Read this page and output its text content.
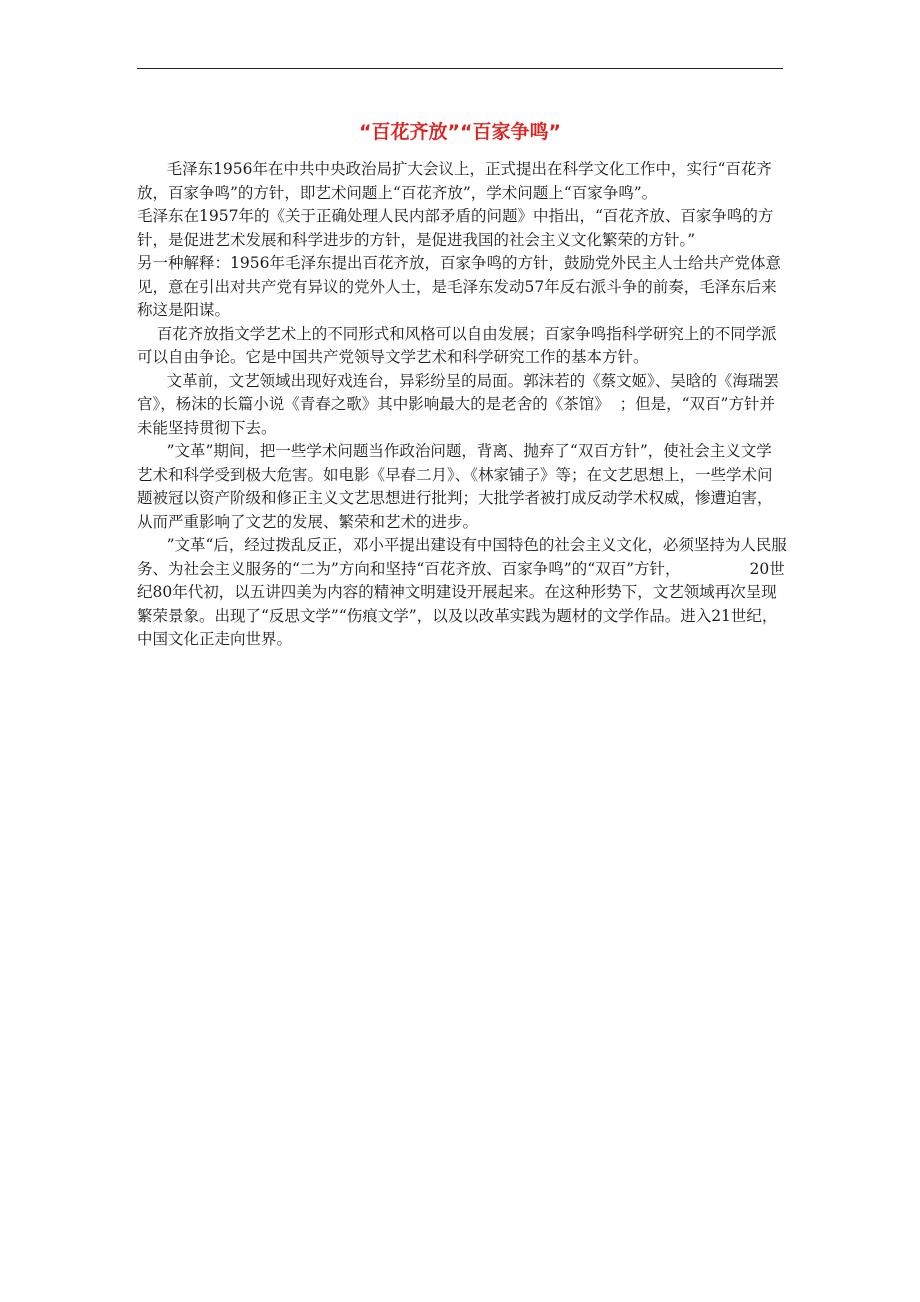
“百花齐放”“百家争鸣”

毛泽东1956年在中共中央政治局扩大会议上，正式提出在科学文化工作中，实行“百花齐放，百家争鸣”的方针，即艺术问题上“百花齐放”，学术问题上“百家争鸣”。

毛泽东在1957年的《关于正确处理人民内部矛盾的问题》中指出，“百花齐放、百家争鸣的方针，是促进艺术发展和科学进步的方针，是促进我国的社会主义文化繁荣的方针。”

另一种解释：1956年毛泽东提出百花齐放，百家争鸣的方针，鼓励党外民主人士给共产党体意见，意在引出对共产党有异议的党外人士，是毛泽东发动57年反右派斗争的前奏，毛泽东后来称这是阳谋。

百花齐放指文学艺术上的不同形式和风格可以自由发展；百家争鸣指科学研究上的不同学派可以自由争论。它是中国共产党领导文学艺术和科学研究工作的基本方针。

文革前，文艺领域出现好戏连台，异彩纷呈的局面。郭沫若的《蔡文姬》、吴晗的《海瑞罢官》，杨沫的长篇小说《青春之歌》其中影响最大的是老舍的《茶馆》  ；但是，“双百”方针并未能坚持贯彻下去。

”文革”期间，把一些学术问题当作政治问题，背离、抛弃了“双百方针”，使社会主义文学艺术和科学受到极大危害。如电影《早春二月》、《林家铺子》等；在文艺思想上，一些学术问题被冠以资产阶级和修正主义文艺思想进行批判；大批学者被打成反动学术权威，惨遭迫害，从而严重影响了文艺的发展、繁荣和艺术的进步。

”文革“后，经过拨乱反正，邓小平提出建设有中国特色的社会主义文化，必须坚持为人民服务、为社会主义服务的“二为”方向和坚持“百花齐放、百家争鸣”的“双百”方针，              20世纪80年代初，以五讲四美为内容的精神文明建设开展起来。在这种形势下，文艺领域再次呈现繁荣景象。出现了“反思文学”“伤痕文学”，以及以改革实践为题材的文学作品。进入21世纪，中国文化正走向世界。
